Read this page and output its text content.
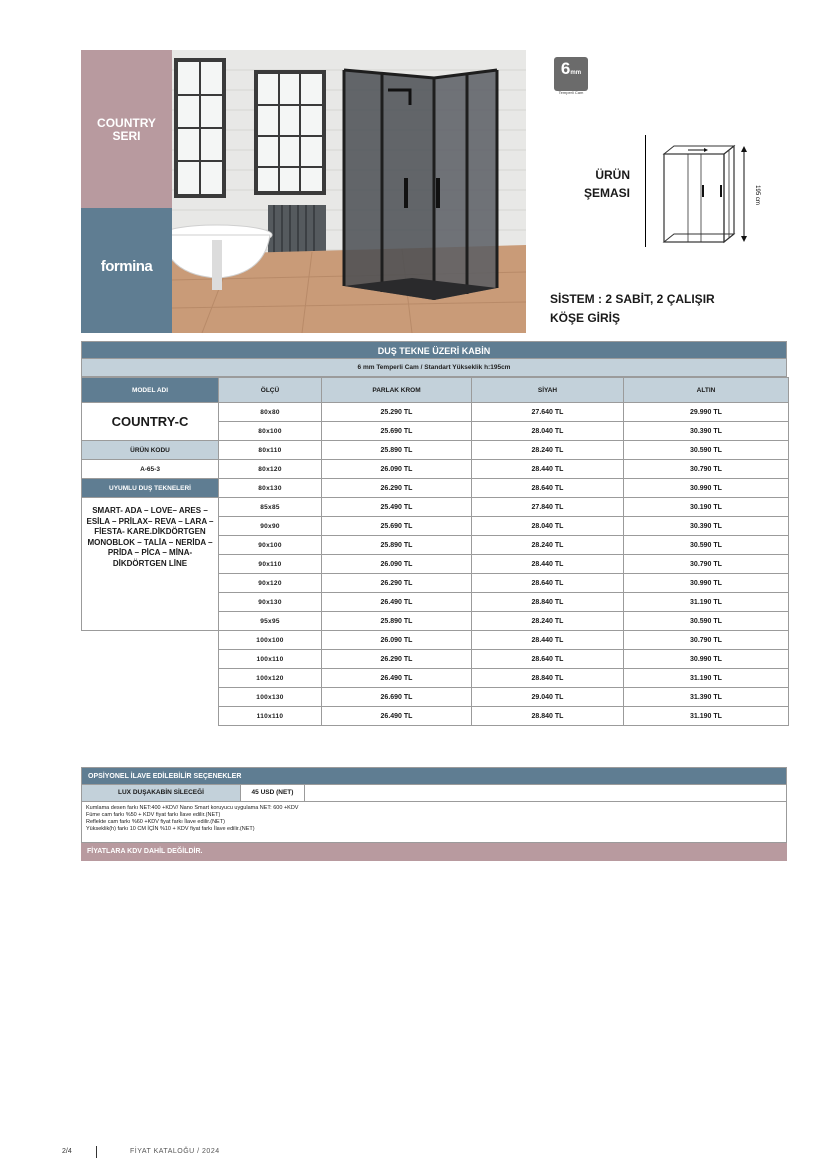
COUNTRY
SERI
formina
6mm
Temperli Cam
ÜRÜN
ŞEMASI	195 cm
SİSTEM : 2 SABİT, 2 ÇALIŞIR
KÖŞE GİRİŞ
DUŞ TEKNE ÜZERİ KABİN
6 mm Temperli Cam / Standart Yükseklik h:195cm
MODEL ADI	ÖLÇÜ	PARLAK KROM	SİYAH	ALTIN
COUNTRY-C	80x80	25.290 TL	27.640 TL	29.990 TL
	80x100	25.690 TL	28.040 TL	30.390 TL
ÜRÜN KODU	80x110	25.890 TL	28.240 TL	30.590 TL
A-65-3	80x120	26.090 TL	28.440 TL	30.790 TL
UYUMLU DUŞ TEKNELERİ	80x130	26.290 TL	28.640 TL	30.990 TL
SMART- ADA – LOVE– ARES – ESİLA – PRİLAX– REVA – LARA – FİESTA- KARE.DİKDÖRTGEN MONOBLOK – TALİA – NERİDA – PRİDA – PİCA – MİNA- DİKDÖRTGEN LİNE	85x85	25.490 TL	27.840 TL	30.190 TL
	90x90	25.690 TL	28.040 TL	30.390 TL
	90x100	25.890 TL	28.240 TL	30.590 TL
	90x110	26.090 TL	28.440 TL	30.790 TL
	90x120	26.290 TL	28.640 TL	30.990 TL
	90x130	26.490 TL	28.840 TL	31.190 TL
	95x95	25.890 TL	28.240 TL	30.590 TL
	100x100	26.090 TL	28.440 TL	30.790 TL
	100x110	26.290 TL	28.640 TL	30.990 TL
	100x120	26.490 TL	28.840 TL	31.190 TL
	100x130	26.690 TL	29.040 TL	31.390 TL
	110x110	26.490 TL	28.840 TL	31.190 TL
OPSİYONEL İLAVE EDİLEBİLİR SEÇENEKLER
LUX DUŞAKABİN SİLECEĞİ	45 USD (NET)
Kumlama desen farkı NET:400 +KDV/ Nano Smart koruyucu uygulama NET: 600 +KDV
Füme cam farkı %50 + KDV fiyat farkı İlave edilir.(NET)
Reflekte cam farkı %60 +KDV fiyat farkı İlave edilir.(NET)
Yükseklik(h) farkı 10 CM İÇİN %10 + KDV fiyat farkı İlave edilir.(NET)
FİYATLARA KDV DAHİL DEĞİLDİR.
2/4	FİYAT KATALOĞU / 2024
